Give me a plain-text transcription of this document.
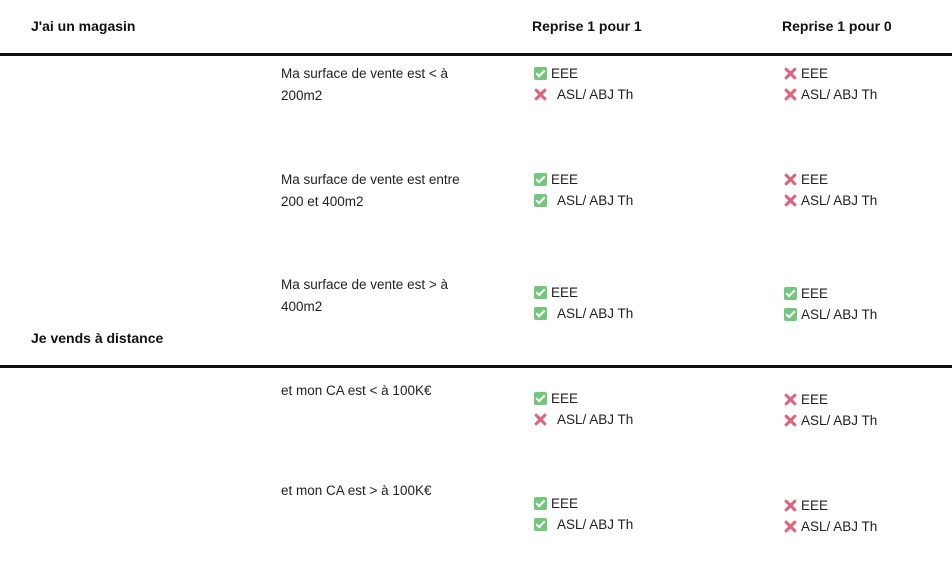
J'ai un magasin	Reprise 1 pour 1	Reprise 1 pour 0
Ma surface de vente est < à
200m2
EEE
ASL/ ABJ Th
EEE
ASL/ ABJ Th
Ma surface de vente est entre
200 et 400m2
EEE
ASL/ ABJ Th
EEE
ASL/ ABJ Th
Ma surface de vente est > à
400m2
EEE
ASL/ ABJ Th
EEE
ASL/ ABJ Th
Je vends à distance
et mon CA est < à 100K€
EEE
ASL/ ABJ Th
EEE
ASL/ ABJ Th
et mon CA est > à 100K€
EEE
ASL/ ABJ Th
EEE
ASL/ ABJ Th
